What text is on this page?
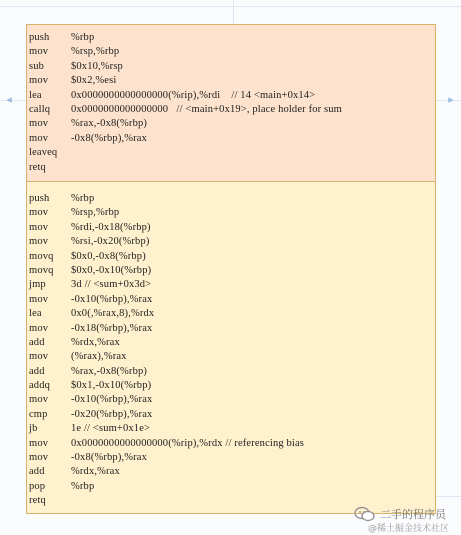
▸
◂
push %rbp
mov %rsp,%rbp
sub	$0x10,%rsp
mov $0x2,%esi
lea	0x0000000000000000(%rip),%rdi    // 14 <main+0x14>
callq 0x0000000000000000   // <main+0x19>, place holder for sum
mov %rax,-0x8(%rbp)
mov -0x8(%rbp),%rax
leaveq
retq
push %rbp
mov %rsp,%rbp
mov %rdi,-0x18(%rbp)
mov %rsi,-0x20(%rbp)
movq $0x0,-0x8(%rbp)
movq $0x0,-0x10(%rbp)
jmp 3d // <sum+0x3d>
mov -0x10(%rbp),%rax
lea	0x0(,%rax,8),%rdx
mov -0x18(%rbp),%rax
add	%rdx,%rax
mov (%rax),%rax
add	%rax,-0x8(%rbp)
addq $0x1,-0x10(%rbp)
mov -0x10(%rbp),%rax
cmp -0x20(%rbp),%rax
jb	1e // <sum+0x1e>
mov 0x0000000000000000(%rip),%rdx // referencing bias
mov -0x8(%rbp),%rax
add	%rdx,%rax
pop %rbp
retq
二手的程序员
@稀土掘金技术社区
